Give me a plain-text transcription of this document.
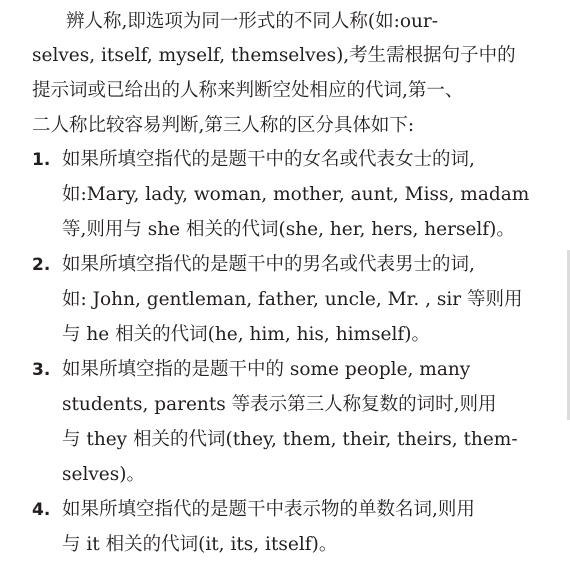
辨人称,即选项为同一形式的不同人称(如:our-
selves, itself, myself, themselves),考生需根据句子中的
提示词或已给出的人称来判断空处相应的代词,第一、
二人称比较容易判断,第三人称的区分具体如下:
1. 如果所填空指代的是题干中的女名或代表女士的词,
如:Mary, lady, woman, mother, aunt, Miss, madam
等,则用与 she 相关的代词(she, her, hers, herself)。
2. 如果所填空指代的是题干中的男名或代表男士的词,
如: John, gentleman, father, uncle, Mr. , sir 等则用
与 he 相关的代词(he, him, his, himself)。
3. 如果所填空指的是题干中的 some people, many
students, parents 等表示第三人称复数的词时,则用
与 they 相关的代词(they, them, their, theirs, them-
selves)。
4. 如果所填空指代的是题干中表示物的单数名词,则用
与 it 相关的代词(it, its, itself)。
